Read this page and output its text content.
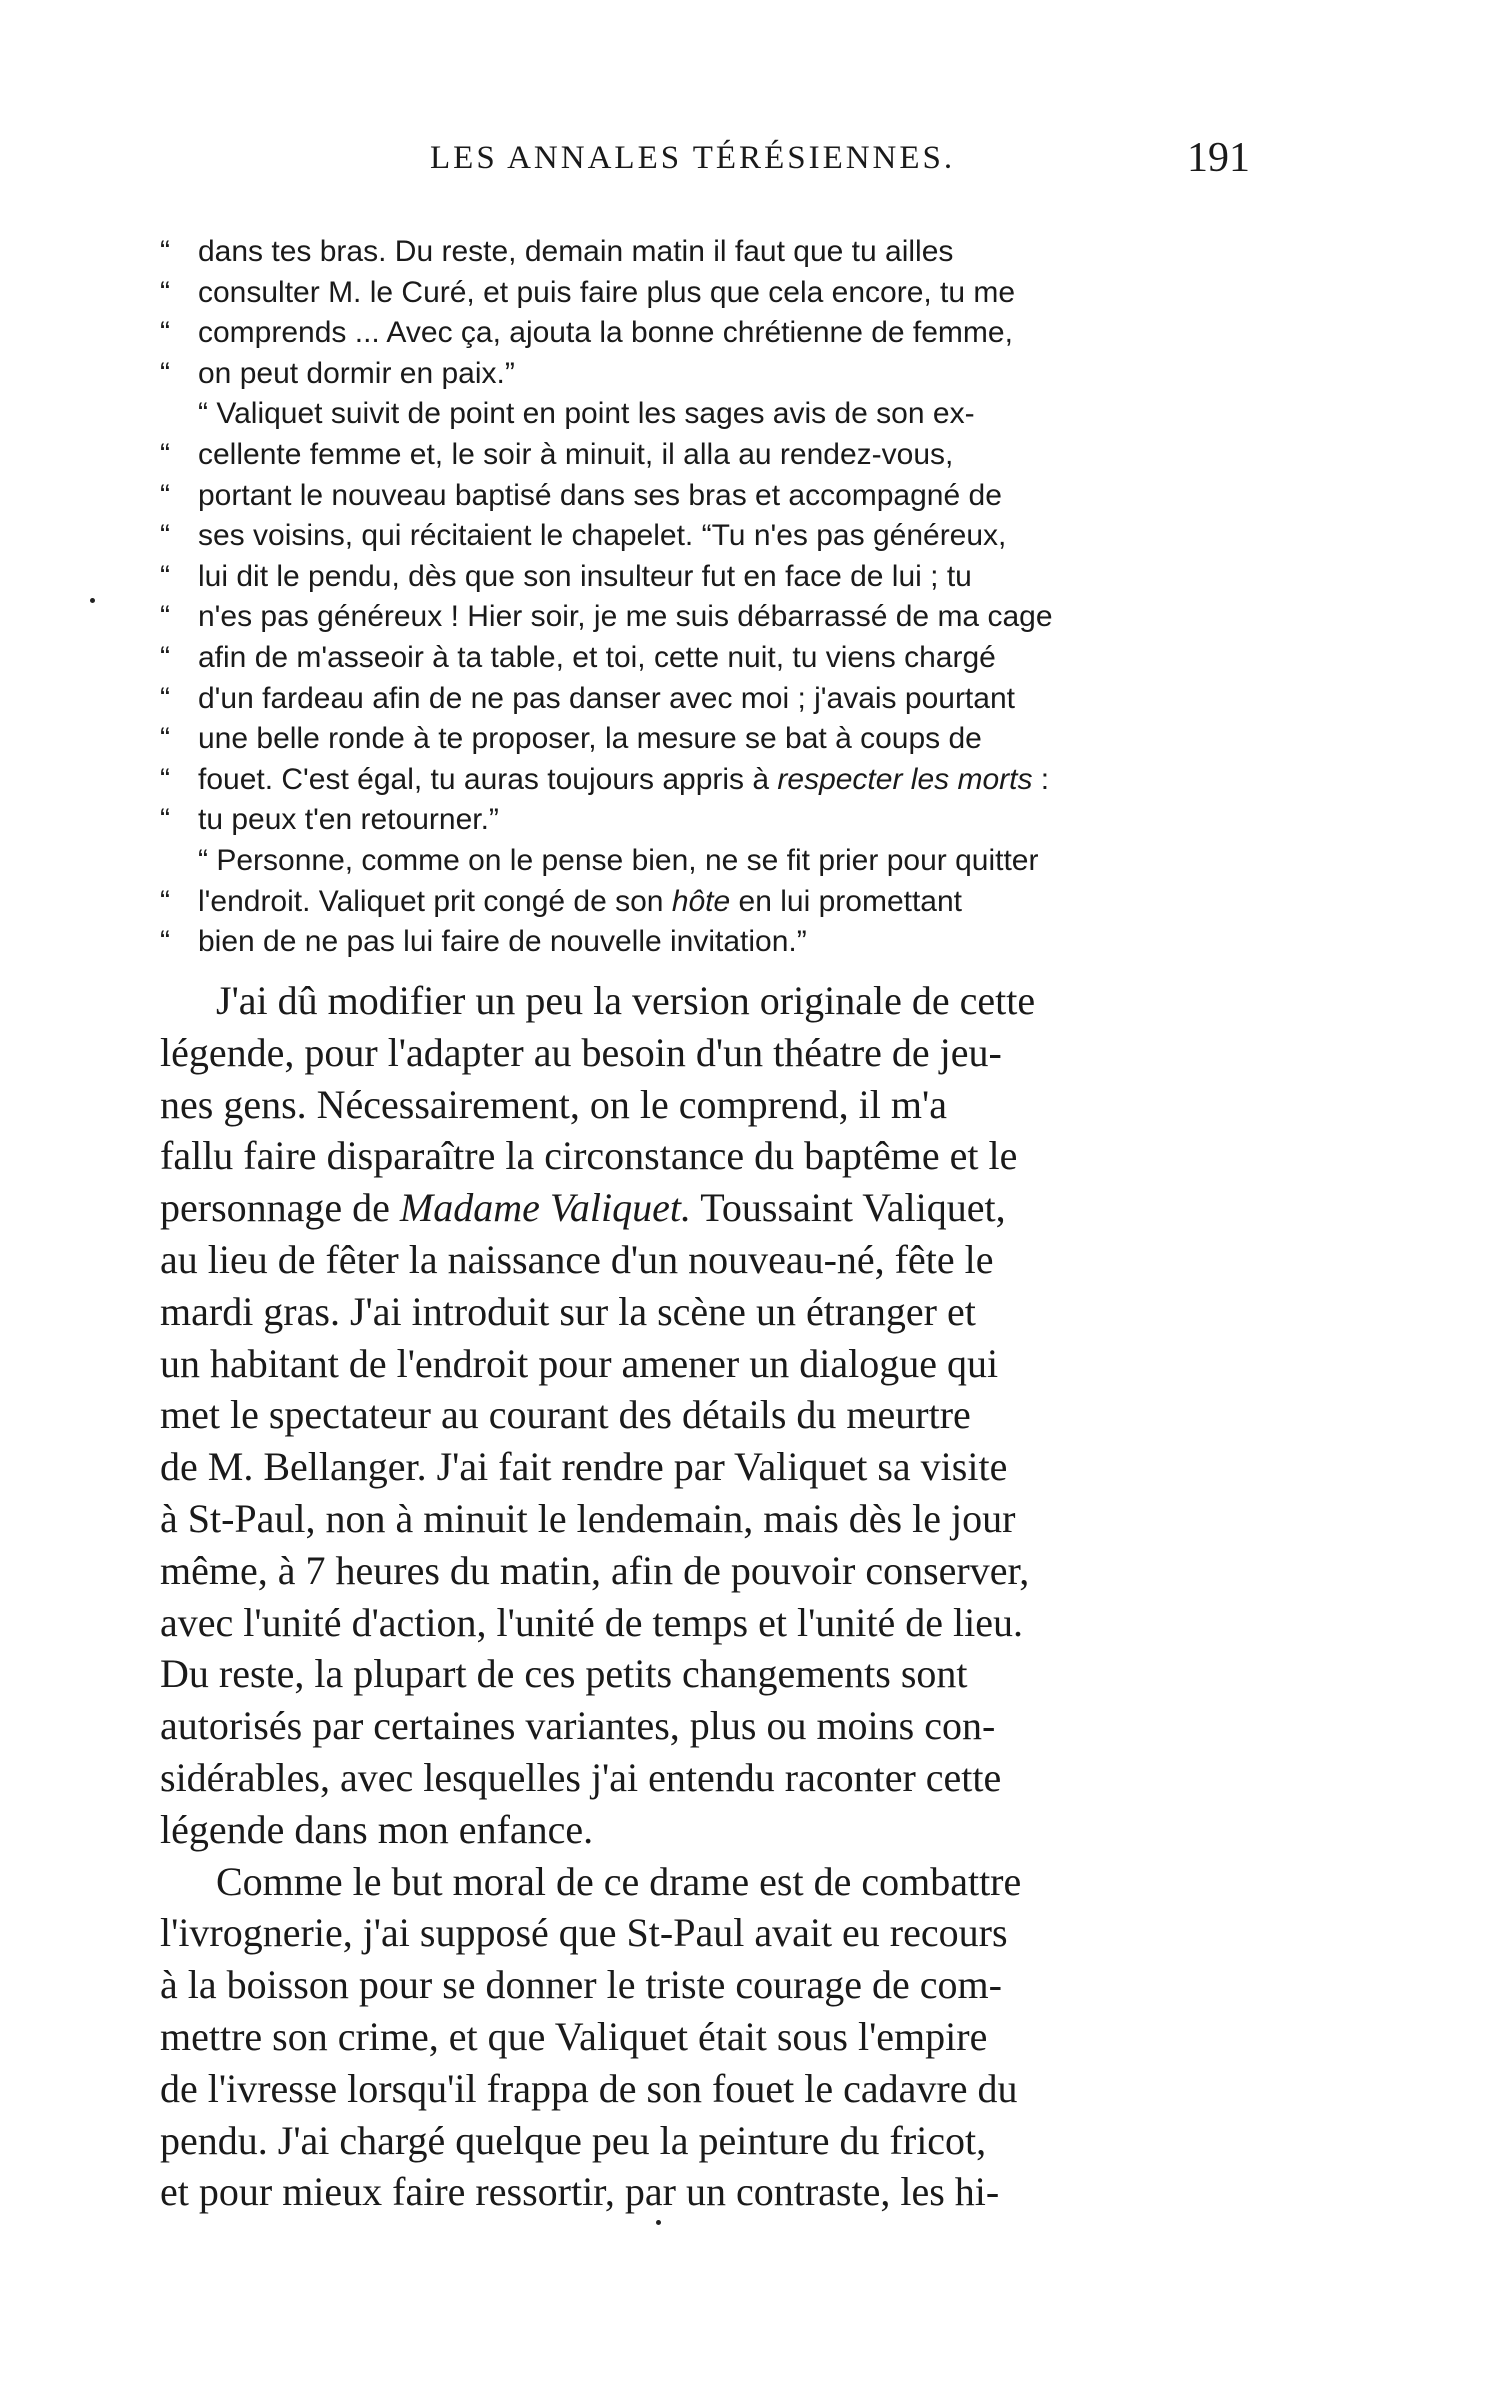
LES ANNALES TÉRÉSIENNES.	191
“ dans tes bras. Du reste, demain matin il faut que tu ailles
“ consulter M. le Curé, et puis faire plus que cela encore, tu me
“ comprends ... Avec ça, ajouta la bonne chrétienne de femme,
“ on peut dormir en paix.”
“ Valiquet suivit de point en point les sages avis de son ex-
“ cellente femme et, le soir à minuit, il alla au rendez-vous,
“ portant le nouveau baptisé dans ses bras et accompagné de
“ ses voisins, qui récitaient le chapelet. “Tu n'es pas généreux,
“ lui dit le pendu, dès que son insulteur fut en face de lui ; tu
“ n'es pas généreux ! Hier soir, je me suis débarrassé de ma cage
“ afin de m'asseoir à ta table, et toi, cette nuit, tu viens chargé
“ d'un fardeau afin de ne pas danser avec moi ; j'avais pourtant
“ une belle ronde à te proposer, la mesure se bat à coups de
“ fouet. C'est égal, tu auras toujours appris à respecter les morts :
“ tu peux t'en retourner.”
“ Personne, comme on le pense bien, ne se fit prier pour quitter
“ l'endroit. Valiquet prit congé de son hôte en lui promettant
“ bien de ne pas lui faire de nouvelle invitation.”
J'ai dû modifier un peu la version originale de cette
légende, pour l'adapter au besoin d'un théatre de jeu-
nes gens. Nécessairement, on le comprend, il m'a
fallu faire disparaître la circonstance du baptême et le
personnage de Madame Valiquet. Toussaint Valiquet,
au lieu de fêter la naissance d'un nouveau-né, fête le
mardi gras. J'ai introduit sur la scène un étranger et
un habitant de l'endroit pour amener un dialogue qui
met le spectateur au courant des détails du meurtre
de M. Bellanger. J'ai fait rendre par Valiquet sa visite
à St-Paul, non à minuit le lendemain, mais dès le jour
même, à 7 heures du matin, afin de pouvoir conserver,
avec l'unité d'action, l'unité de temps et l'unité de lieu.
Du reste, la plupart de ces petits changements sont
autorisés par certaines variantes, plus ou moins con-
sidérables, avec lesquelles j'ai entendu raconter cette
légende dans mon enfance.
Comme le but moral de ce drame est de combattre
l'ivrognerie, j'ai supposé que St-Paul avait eu recours
à la boisson pour se donner le triste courage de com-
mettre son crime, et que Valiquet était sous l'empire
de l'ivresse lorsqu'il frappa de son fouet le cadavre du
pendu. J'ai chargé quelque peu la peinture du fricot,
et pour mieux faire ressortir, par un contraste, les hi-
